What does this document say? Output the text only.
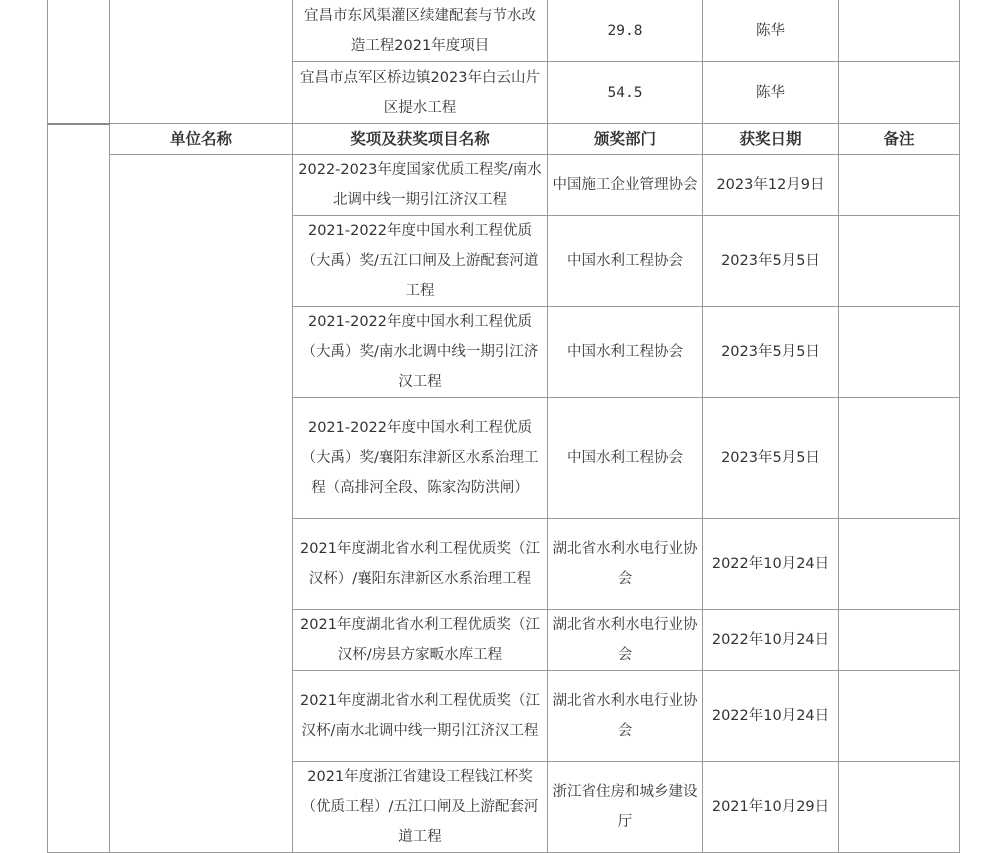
		宜昌市东风渠灌区续建配套与节水改造工程2021年度项目	29.8	陈华	
		宜昌市点军区桥边镇2023年白云山片区提水工程	54.5	陈华	
	单位名称	奖项及获奖项目名称	颁奖部门	获奖日期	备注
		2022-2023年度国家优质工程奖/南水北调中线一期引江济汉工程	中国施工企业管理协会	2023年12月9日	
		2021-2022年度中国水利工程优质（大禹）奖/五江口闸及上游配套河道工程	中国水利工程协会	2023年5月5日	
		2021-2022年度中国水利工程优质（大禹）奖/南水北调中线一期引江济汉工程	中国水利工程协会	2023年5月5日	
		2021-2022年度中国水利工程优质（大禹）奖/襄阳东津新区水系治理工程（高排河全段、陈家沟防洪闸）	中国水利工程协会	2023年5月5日	
		2021年度湖北省水利工程优质奖（江汉杯）/襄阳东津新区水系治理工程	湖北省水利水电行业协会	2022年10月24日	
		2021年度湖北省水利工程优质奖（江汉杯/房县方家畈水库工程	湖北省水利水电行业协会	2022年10月24日	
		2021年度湖北省水利工程优质奖（江汉杯/南水北调中线一期引江济汉工程	湖北省水利水电行业协会	2022年10月24日	
		2021年度浙江省建设工程钱江杯奖（优质工程）/五江口闸及上游配套河道工程	浙江省住房和城乡建设厅	2021年10月29日	
